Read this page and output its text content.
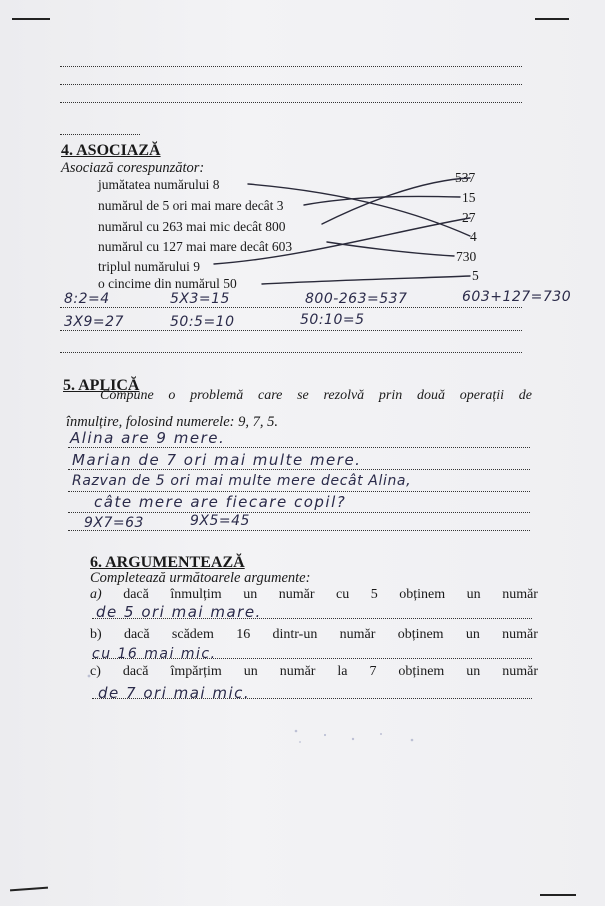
4. ASOCIAZĂ
Asociază corespunzător:
jumătatea numărului 8
numărul de 5 ori mai mare decât 3
numărul cu 263 mai mic decât 800
numărul cu 127 mai mare decât 603
triplul numărului 9
o cincime din numărul 50
537
15
27
4
730
5
8:2=4	5X3=15	800-263=537	603+127=730
3X9=27	50:5=10	50:10=5
5. APLICĂ
Compune o problemă care se rezolvă prin două operații de
înmulțire, folosind numerele: 9, 7, 5.
Alina are 9 mere.
Marian de 7 ori mai multe mere.
Razvan de 5 ori mai multe mere decât Alina,
câte mere are fiecare copil?
9X7=63	9X5=45
6. ARGUMENTEAZĂ
Completează următoarele argumente:
a) dacă înmulțim un număr cu 5 obținem un număr
de 5 ori mai mare.
b) dacă scădem 16 dintr-un număr obținem un număr
cu 16 mai mic.
c) dacă împărțim un număr la 7 obținem un număr
de 7 ori mai mic.
